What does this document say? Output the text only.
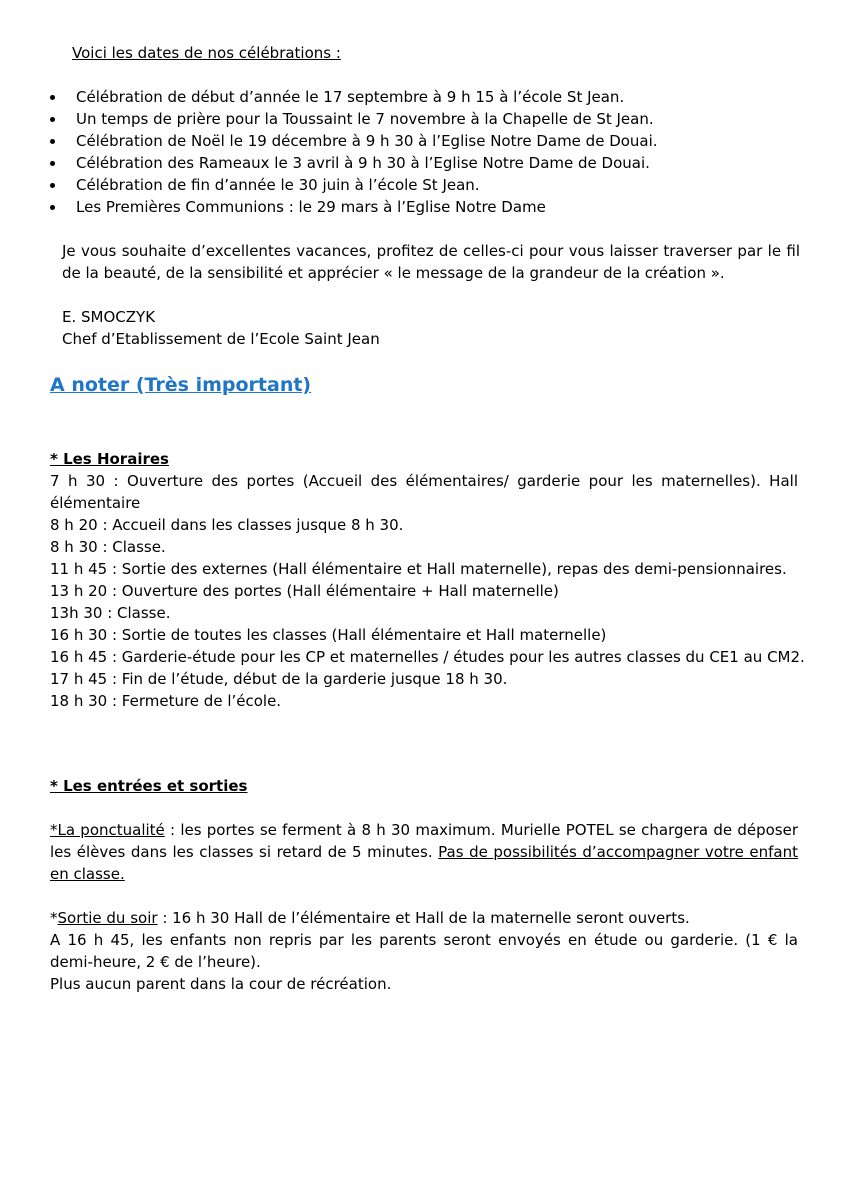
Voici les dates de nos célébrations :
Célébration de début d’année le 17 septembre à 9 h 15 à l’école St Jean.
Un temps de prière pour la Toussaint le 7 novembre à la Chapelle de St Jean.
Célébration de Noël le 19 décembre à 9 h 30 à l’Eglise Notre Dame de Douai.
Célébration des Rameaux le 3 avril à 9 h 30 à l’Eglise Notre Dame de Douai.
Célébration de fin d’année le 30 juin à l’école St Jean.
Les Premières Communions : le 29 mars à l’Eglise Notre Dame

Je vous souhaite d’excellentes vacances, profitez de celles-ci pour vous laisser traverser par le fil de la beauté, de la sensibilité et apprécier « le message de la grandeur de la création ».

E. SMOCZYK
Chef d’Etablissement de l’Ecole Saint Jean
A noter (Très important)
* Les Horaires
7 h 30 : Ouverture des portes (Accueil des élémentaires/ garderie pour les maternelles). Hall élémentaire
8 h 20 : Accueil dans les classes jusque 8 h 30.
8 h 30 : Classe.
11 h 45 : Sortie des externes (Hall élémentaire et Hall maternelle), repas des demi-pensionnaires.
13 h 20 : Ouverture des portes (Hall élémentaire + Hall maternelle)
13h 30 : Classe.
16 h 30 : Sortie de toutes les classes (Hall élémentaire et Hall maternelle)
16 h 45 : Garderie-étude pour les CP et maternelles / études pour les autres classes du CE1 au CM2.
17 h 45 : Fin de l’étude, début de la garderie jusque 18 h 30.
18 h 30 : Fermeture de l’école.
* Les entrées et sorties
*La ponctualité : les portes se ferment à 8 h 30 maximum. Murielle POTEL se chargera de déposer les élèves dans les classes si retard de 5 minutes. Pas de possibilités d’accompagner votre enfant en classe.
*Sortie du soir : 16 h 30 Hall de l’élémentaire et Hall de la maternelle seront ouverts.
A 16 h 45, les enfants non repris par les parents seront envoyés en étude ou garderie. (1 € la demi-heure, 2 € de l’heure).
Plus aucun parent dans la cour de récréation.
